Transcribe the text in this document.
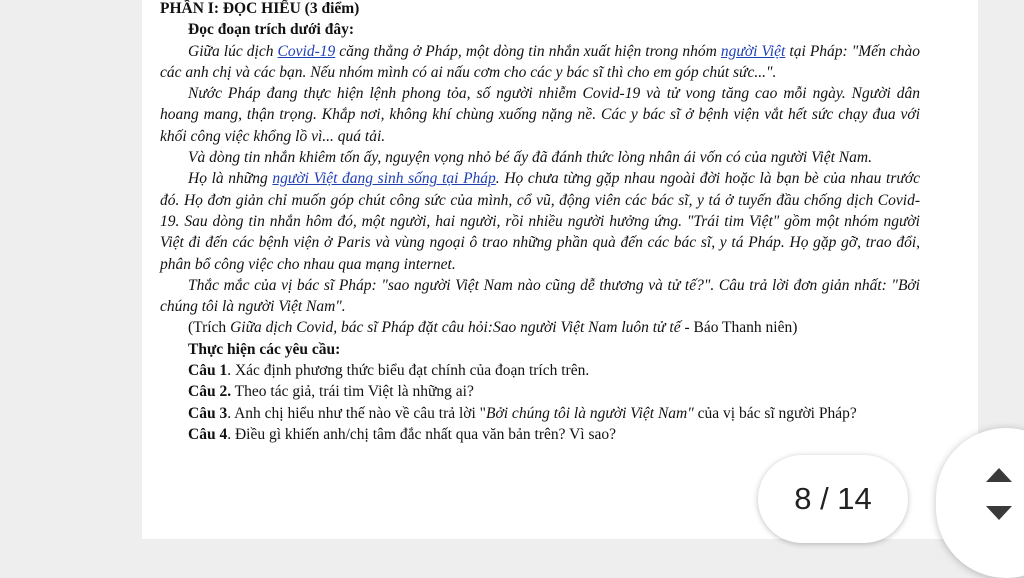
PHẦN I: ĐỌC HIỂU (3 điểm)

Đọc đoạn trích dưới đây:

Giữa lúc dịch Covid-19 căng thẳng ở Pháp, một dòng tin nhắn xuất hiện trong nhóm người Việt tại Pháp: "Mến chào các anh chị và các bạn. Nếu nhóm mình có ai nấu cơm cho các y bác sĩ thì cho em góp chút sức...".

Nước Pháp đang thực hiện lệnh phong tỏa, số người nhiễm Covid-19 và tử vong tăng cao mỗi ngày. Người dân hoang mang, thận trọng. Khắp nơi, không khí chùng xuống nặng nề. Các y bác sĩ ở bệnh viện vắt hết sức chạy đua với khối công việc khổng lồ vì... quá tải.

Và dòng tin nhắn khiêm tốn ấy, nguyện vọng nhỏ bé ấy đã đánh thức lòng nhân ái vốn có của người Việt Nam.

Họ là những người Việt đang sinh sống tại Pháp. Họ chưa từng gặp nhau ngoài đời hoặc là bạn bè của nhau trước đó. Họ đơn giản chỉ muốn góp chút công sức của mình, cổ vũ, động viên các bác sĩ, y tá ở tuyến đầu chống dịch Covid-19. Sau dòng tin nhắn hôm đó, một người, hai người, rồi nhiều người hưởng ứng. "Trái tim Việt" gồm một nhóm người Việt đi đến các bệnh viện ở Paris và vùng ngoại ô trao những phần quà đến các bác sĩ, y tá Pháp. Họ gặp gỡ, trao đổi, phân bổ công việc cho nhau qua mạng internet.

Thắc mắc của vị bác sĩ Pháp: "sao người Việt Nam nào cũng dễ thương và tử tế?". Câu trả lời đơn giản nhất: "Bởi chúng tôi là người Việt Nam".

(Trích Giữa dịch Covid, bác sĩ Pháp đặt câu hỏi:Sao người Việt Nam luôn tử tế - Báo Thanh niên)

Thực hiện các yêu cầu:

Câu 1. Xác định phương thức biểu đạt chính của đoạn trích trên.

Câu 2. Theo tác giả, trái tim Việt là những ai?

Câu 3. Anh chị hiểu như thế nào về câu trả lời "Bởi chúng tôi là người Việt Nam" của vị bác sĩ người Pháp?

Câu 4. Điều gì khiến anh/chị tâm đắc nhất qua văn bản trên? Vì sao?

8 / 14
